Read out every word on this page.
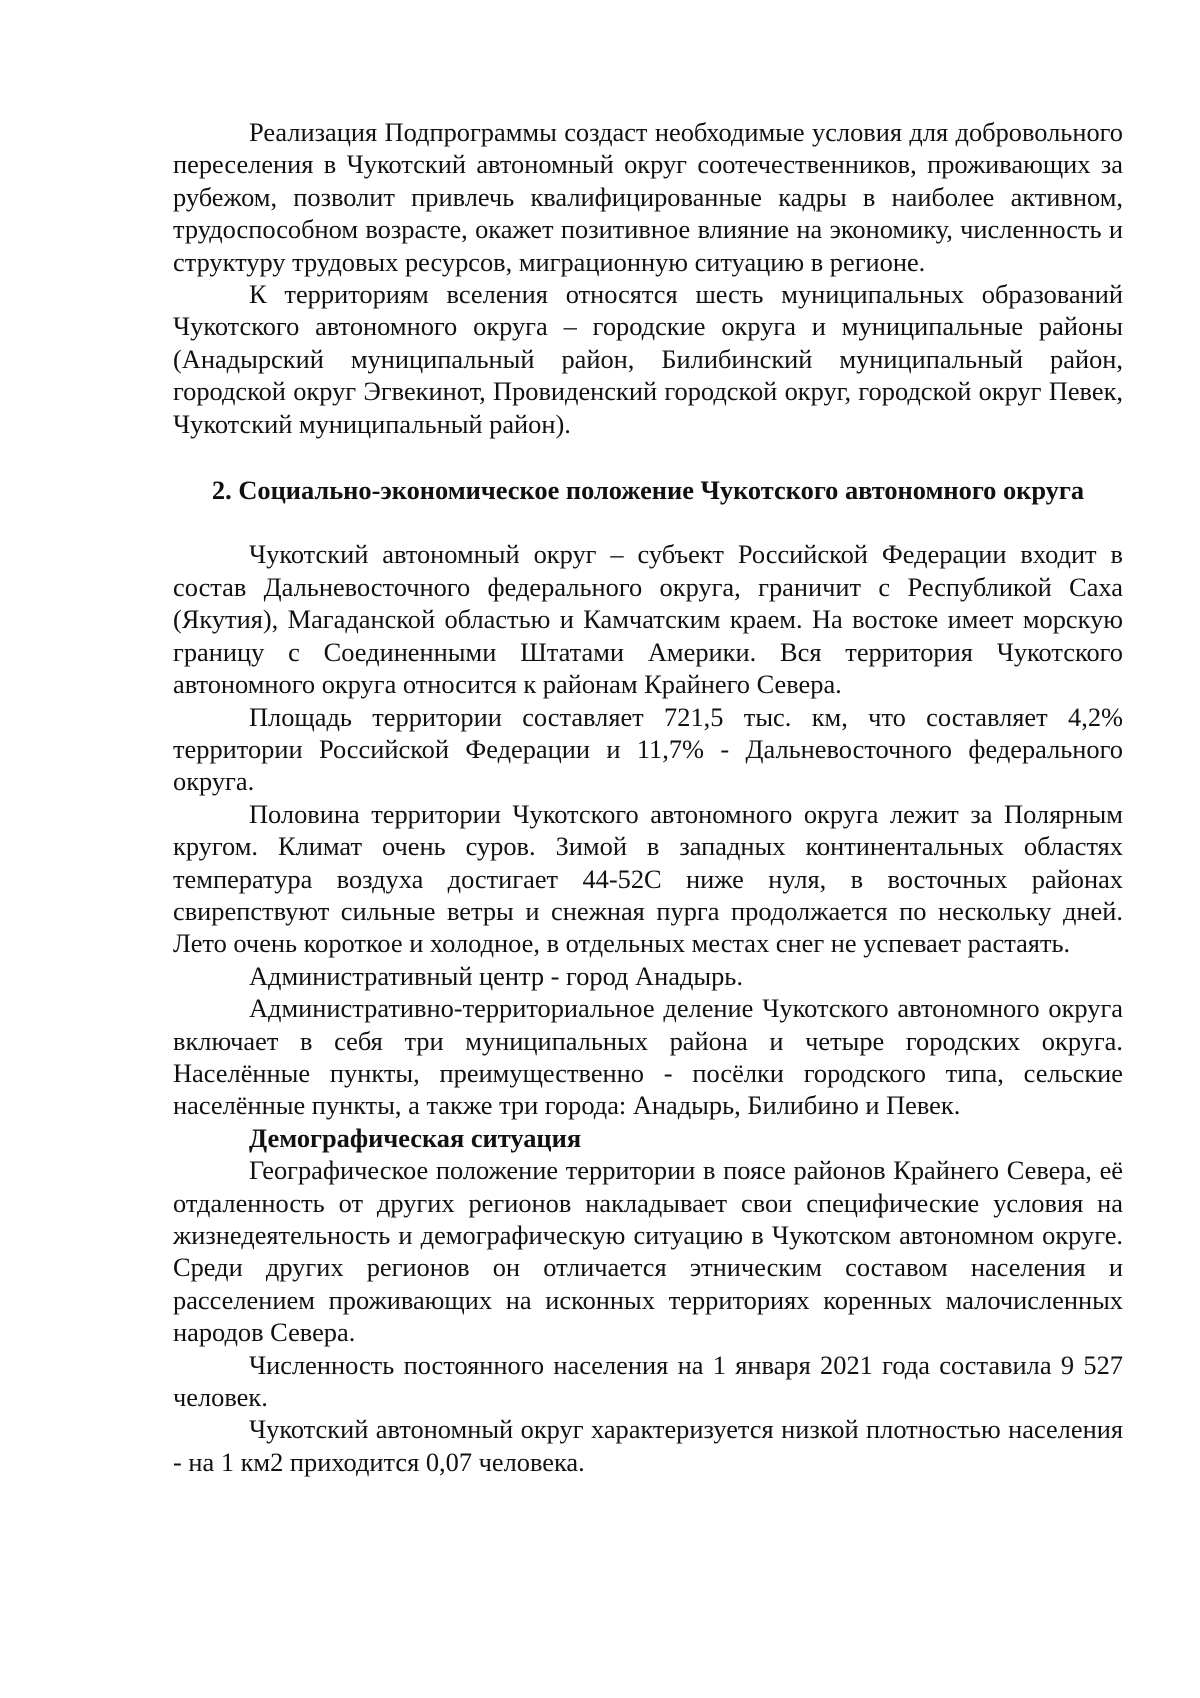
Реализация Подпрограммы создаст необходимые условия для добровольного переселения в Чукотский автономный округ соотечественников, проживающих за рубежом, позволит привлечь квалифицированные кадры в наиболее активном, трудоспособном возрасте, окажет позитивное влияние на экономику, численность и структуру трудовых ресурсов, миграционную ситуацию в регионе.

К территориям вселения относятся шесть муниципальных образований Чукотского автономного округа – городские округа и муниципальные районы (Анадырский муниципальный район, Билибинский муниципальный район, городской округ Эгвекинот, Провиденский городской округ, городской округ Певек, Чукотский муниципальный район).

2. Социально-экономическое положение Чукотского автономного округа

Чукотский автономный округ – субъект Российской Федерации входит в состав Дальневосточного федерального округа, граничит с Республикой Саха (Якутия), Магаданской областью и Камчатским краем. На востоке имеет морскую границу с Соединенными Штатами Америки. Вся территория Чукотского автономного округа относится к районам Крайнего Севера.

Площадь территории составляет 721,5 тыс. км, что составляет 4,2% территории Российской Федерации и 11,7% - Дальневосточного федерального округа.

Половина территории Чукотского автономного округа лежит за Полярным кругом. Климат очень суров. Зимой в западных континентальных областях температура воздуха достигает 44-52С ниже нуля, в восточных районах свирепствуют сильные ветры и снежная пурга продолжается по нескольку дней. Лето очень короткое и холодное, в отдельных местах снег не успевает растаять.

Административный центр - город Анадырь.

Административно-территориальное деление Чукотского автономного округа включает в себя три муниципальных района и четыре городских округа. Населённые пункты, преимущественно - посёлки городского типа, сельские населённые пункты, а также три города: Анадырь, Билибино и Певек.

Демографическая ситуация

Географическое положение территории в поясе районов Крайнего Севера, её отдаленность от других регионов накладывает свои специфические условия на жизнедеятельность и демографическую ситуацию в Чукотском автономном округе. Среди других регионов он отличается этническим составом населения и расселением проживающих на исконных территориях коренных малочисленных народов Севера.

Численность постоянного населения на 1 января 2021 года составила 9 527 человек.

Чукотский автономный округ характеризуется низкой плотностью населения - на 1 км2 приходится 0,07 человека.
